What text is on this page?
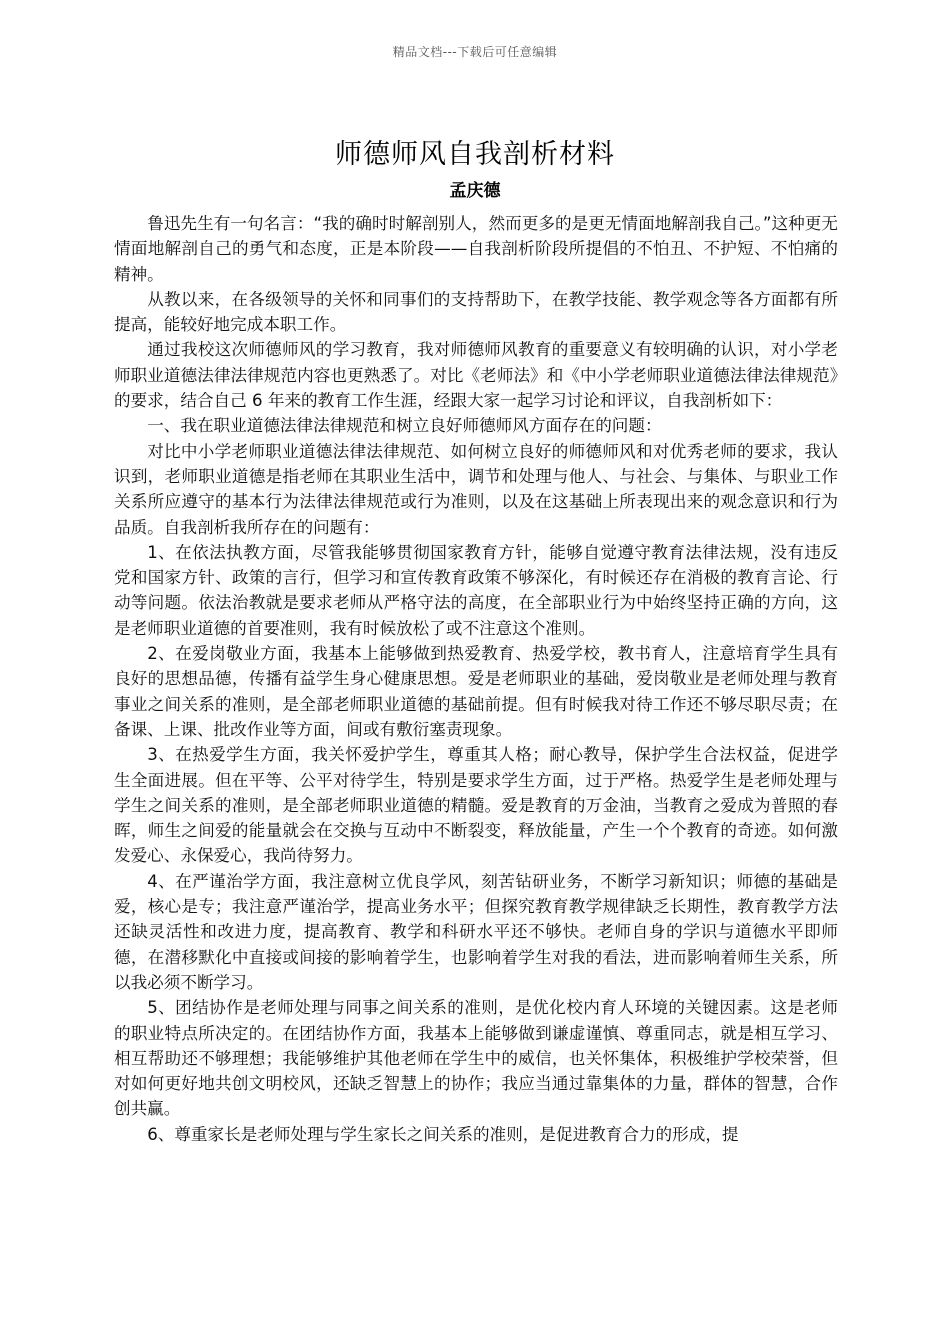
精品文档---下载后可任意编辑
师德师风自我剖析材料
孟庆德

鲁迅先生有一句名言：“我的确时时解剖别人，然而更多的是更无情面地解剖我自己。”这种更无情面地解剖自己的勇气和态度，正是本阶段——自我剖析阶段所提倡的不怕丑、不护短、不怕痛的精神。

从教以来，在各级领导的关怀和同事们的支持帮助下，在教学技能、教学观念等各方面都有所提高，能较好地完成本职工作。

通过我校这次师德师风的学习教育，我对师德师风教育的重要意义有较明确的认识，对小学老师职业道德法律法律规范内容也更熟悉了。对比《老师法》和《中小学老师职业道德法律法律规范》的要求，结合自己 6 年来的教育工作生涯，经跟大家一起学习讨论和评议，自我剖析如下：

一、我在职业道德法律法律规范和树立良好师德师风方面存在的问题：

对比中小学老师职业道德法律法律规范、如何树立良好的师德师风和对优秀老师的要求，我认识到，老师职业道德是指老师在其职业生活中，调节和处理与他人、与社会、与集体、与职业工作关系所应遵守的基本行为法律法律规范或行为准则，以及在这基础上所表现出来的观念意识和行为品质。自我剖析我所存在的问题有：

1、在依法执教方面，尽管我能够贯彻国家教育方针，能够自觉遵守教育法律法规，没有违反党和国家方针、政策的言行，但学习和宣传教育政策不够深化，有时候还存在消极的教育言论、行动等问题。依法治教就是要求老师从严格守法的高度，在全部职业行为中始终坚持正确的方向，这是老师职业道德的首要准则，我有时候放松了或不注意这个准则。

2、在爱岗敬业方面，我基本上能够做到热爱教育、热爱学校，教书育人，注意培育学生具有良好的思想品德，传播有益学生身心健康思想。爱是老师职业的基础，爱岗敬业是老师处理与教育事业之间关系的准则，是全部老师职业道德的基础前提。但有时候我对待工作还不够尽职尽责；在备课、上课、批改作业等方面，间或有敷衍塞责现象。

3、在热爱学生方面，我关怀爱护学生，尊重其人格；耐心教导，保护学生合法权益，促进学生全面进展。但在平等、公平对待学生，特别是要求学生方面，过于严格。热爱学生是老师处理与学生之间关系的准则，是全部老师职业道德的精髓。爱是教育的万金油，当教育之爱成为普照的春晖，师生之间爱的能量就会在交换与互动中不断裂变，释放能量，产生一个个教育的奇迹。如何激发爱心、永保爱心，我尚待努力。

4、在严谨治学方面，我注意树立优良学风，刻苦钻研业务，不断学习新知识；师德的基础是爱，核心是专；我注意严谨治学，提高业务水平；但探究教育教学规律缺乏长期性，教育教学方法还缺灵活性和改进力度，提高教育、教学和科研水平还不够快。老师自身的学识与道德水平即师德，在潜移默化中直接或间接的影响着学生，也影响着学生对我的看法，进而影响着师生关系，所以我必须不断学习。

5、团结协作是老师处理与同事之间关系的准则，是优化校内育人环境的关键因素。这是老师的职业特点所决定的。在团结协作方面，我基本上能够做到谦虚谨慎、尊重同志，就是相互学习、相互帮助还不够理想；我能够维护其他老师在学生中的威信，也关怀集体，积极维护学校荣誉，但对如何更好地共创文明校风，还缺乏智慧上的协作；我应当通过靠集体的力量，群体的智慧，合作创共赢。

6、尊重家长是老师处理与学生家长之间关系的准则，是促进教育合力的形成，提
